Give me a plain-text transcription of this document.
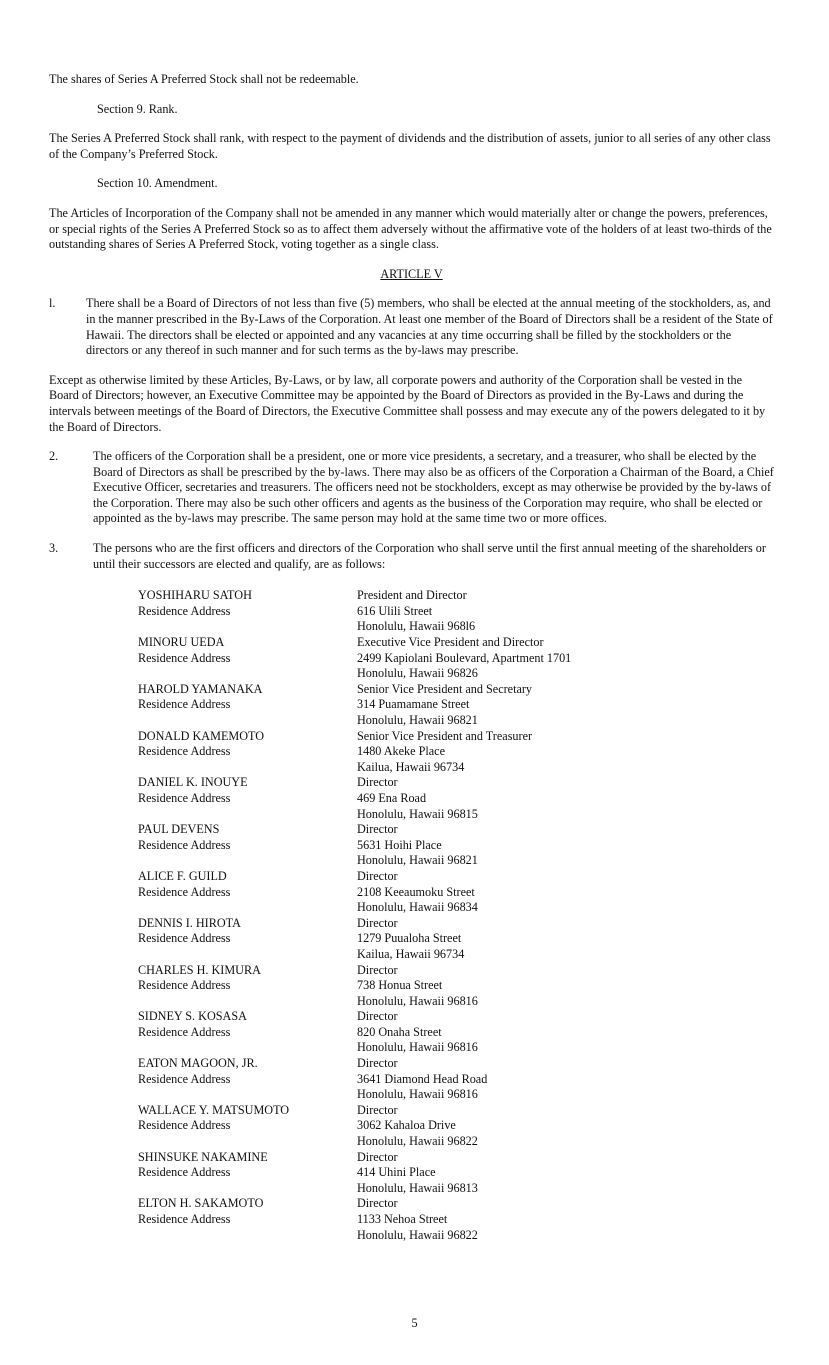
The shares of Series A Preferred Stock shall not be redeemable.

Section 9. Rank.

The Series A Preferred Stock shall rank, with respect to the payment of dividends and the distribution of assets, junior to all series of any other class of the Company’s Preferred Stock.

Section 10. Amendment.

The Articles of Incorporation of the Company shall not be amended in any manner which would materially alter or change the powers, preferences, or special rights of the Series A Preferred Stock so as to affect them adversely without the affirmative vote of the holders of at least two-thirds of the outstanding shares of Series A Preferred Stock, voting together as a single class.

ARTICLE V

l.	There shall be a Board of Directors of not less than five (5) members, who shall be elected at the annual meeting of the stockholders, as, and in the manner prescribed in the By-Laws of the Corporation. At least one member of the Board of Directors shall be a resident of the State of Hawaii. The directors shall be elected or appointed and any vacancies at any time occurring shall be filled by the stockholders or the directors or any thereof in such manner and for such terms as the by-laws may prescribe.

Except as otherwise limited by these Articles, By-Laws, or by law, all corporate powers and authority of the Corporation shall be vested in the Board of Directors; however, an Executive Committee may be appointed by the Board of Directors as provided in the By-Laws and during the intervals between meetings of the Board of Directors, the Executive Committee shall possess and may execute any of the powers delegated to it by the Board of Directors.

2.	The officers of the Corporation shall be a president, one or more vice presidents, a secretary, and a treasurer, who shall be elected by the Board of Directors as shall be prescribed by the by-laws. There may also be as officers of the Corporation a Chairman of the Board, a Chief Executive Officer, secretaries and treasurers. The officers need not be stockholders, except as may otherwise be provided by the by-laws of the Corporation. There may also be such other officers and agents as the business of the Corporation may require, who shall be elected or appointed as the by-laws may prescribe. The same person may hold at the same time two or more offices.
3.	The persons who are the first officers and directors of the Corporation who shall serve until the first annual meeting of the shareholders or until their successors are elected and qualify, are as follows:
YOSHIHARU SATOH	President and Director
Residence Address	616 Ulili Street
Honolulu, Hawaii 968l6
MINORU UEDA	Executive Vice President and Director
Residence Address	2499 Kapiolani Boulevard, Apartment 1701
Honolulu, Hawaii 96826
HAROLD YAMANAKA	Senior Vice President and Secretary
Residence Address	314 Puamamane Street
Honolulu, Hawaii 96821
DONALD KAMEMOTO	Senior Vice President and Treasurer
Residence Address	1480 Akeke Place
Kailua, Hawaii 96734
DANIEL K. INOUYE	Director
Residence Address	469 Ena Road
Honolulu, Hawaii 96815
PAUL DEVENS	Director
Residence Address	5631 Hoihi Place
Honolulu, Hawaii 96821
ALICE F. GUILD	Director
Residence Address	2108 Keeaumoku Street
Honolulu, Hawaii 96834
DENNIS I. HIROTA	Director
Residence Address	1279 Puualoha Street
Kailua, Hawaii 96734
CHARLES H. KIMURA	Director
Residence Address	738 Honua Street
Honolulu, Hawaii 96816
SIDNEY S. KOSASA	Director
Residence Address	820 Onaha Street
Honolulu, Hawaii 96816
EATON MAGOON, JR.	Director
Residence Address	3641 Diamond Head Road
Honolulu, Hawaii 96816
WALLACE Y. MATSUMOTO	Director
Residence Address	3062 Kahaloa Drive
Honolulu, Hawaii 96822
SHINSUKE NAKAMINE	Director
Residence Address	414 Uhini Place
Honolulu, Hawaii 96813
ELTON H. SAKAMOTO	Director
Residence Address	1133 Nehoa Street
Honolulu, Hawaii 96822
5
